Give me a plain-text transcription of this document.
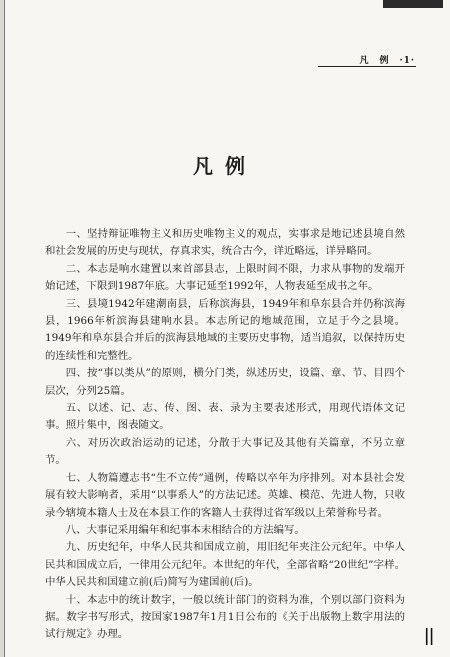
凡　例　·1·
凡例

一、坚持辩证唯物主义和历史唯物主义的观点，实事求是地记述县境自然和社会发展的历史与现状，存真求实，统合古今，详近略远，详异略同。

二、本志是响水建置以来首部县志，上限时间不限，力求从事物的发端开始记述，下限到1987年底。大事记延至1992年，人物表延至成书之年。

三、县境1942年建潮南县，后称滨海县，1949年和阜东县合并仍称滨海县，1966年析滨海县建响水县。本志所记的地域范围，立足于今之县境。1949年和阜东县合并后的滨海县地域的主要历史事物，适当追叙，以保持历史的连续性和完整性。

四、按“事以类从”的原则，横分门类，纵述历史，设篇、章、节、目四个层次，分列25篇。

五、以述、记、志、传、图、表、录为主要表述形式，用现代语体文记事。照片集中，图表随文。

六、对历次政治运动的记述，分散于大事记及其他有关篇章，不另立章节。

七、人物篇遵志书“生不立传”通例，传略以卒年为序排列。对本县社会发展有较大影响者，采用“以事系人”的方法记述。英雄、模范、先进人物，只收录今辖境本籍人士及在本县工作的客籍人士获得过省军级以上荣誉称号者。

八、大事记采用编年和纪事本末相结合的方法编写。

九、历史纪年，中华人民共和国成立前，用旧纪年夹注公元纪年。中华人民共和国成立后，一律用公元纪年。本世纪的年代，全部省略“20世纪”字样。中华人民共和国建立前(后)简写为建国前(后)。

十、本志中的统计数字，一般以统计部门的资料为准，个别以部门资料为据。数字书写形式，按国家1987年1月1日公布的《关于出版物上数字用法的试行规定》办理。	ll
